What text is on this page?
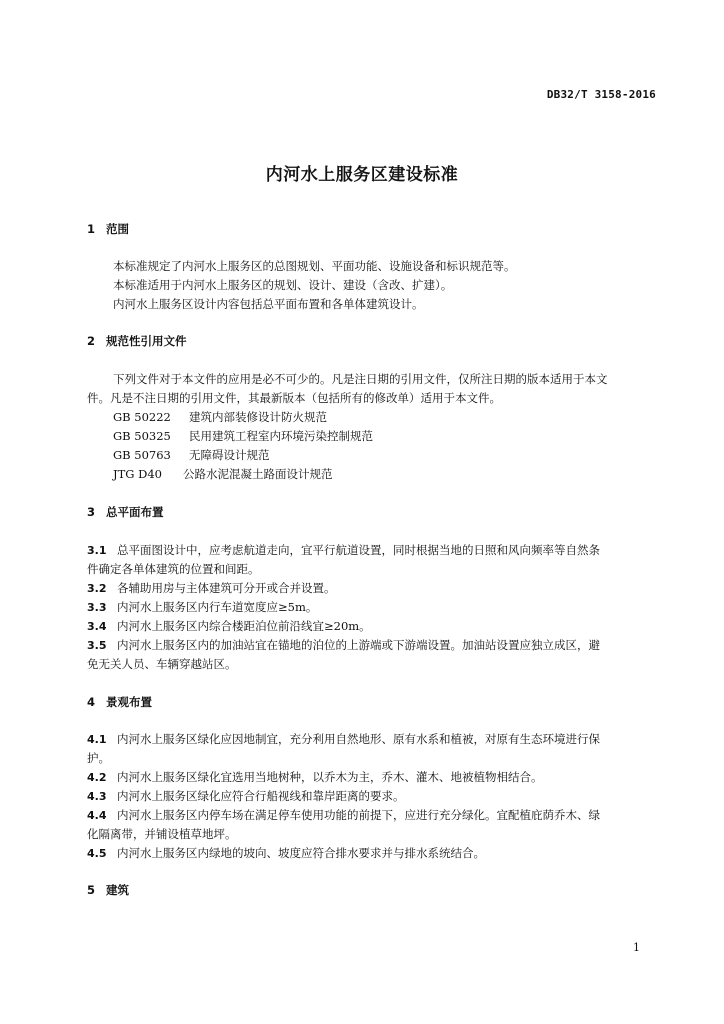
DB32/T 3158-2016
内河水上服务区建设标准
1 范围
本标准规定了内河水上服务区的总图规划、平面功能、设施设备和标识规范等。
本标准适用于内河水上服务区的规划、设计、建设（含改、扩建）。
内河水上服务区设计内容包括总平面布置和各单体建筑设计。
2 规范性引用文件
下列文件对于本文件的应用是必不可少的。凡是注日期的引用文件，仅所注日期的版本适用于本文
件。凡是不注日期的引用文件，其最新版本（包括所有的修改单）适用于本文件。
GB 50222 建筑内部装修设计防火规范
GB 50325 民用建筑工程室内环境污染控制规范
GB 50763 无障碍设计规范
JTG D40 公路水泥混凝土路面设计规范
3 总平面布置
3.1 总平面图设计中，应考虑航道走向，宜平行航道设置，同时根据当地的日照和风向频率等自然条
件确定各单体建筑的位置和间距。
3.2 各辅助用房与主体建筑可分开或合并设置。
3.3 内河水上服务区内行车道宽度应≥5m。
3.4 内河水上服务区内综合楼距泊位前沿线宜≥20m。
3.5 内河水上服务区内的加油站宜在锚地的泊位的上游端或下游端设置。加油站设置应独立成区，避
免无关人员、车辆穿越站区。
4 景观布置
4.1 内河水上服务区绿化应因地制宜，充分利用自然地形、原有水系和植被，对原有生态环境进行保
护。
4.2 内河水上服务区绿化宜选用当地树种，以乔木为主，乔木、灌木、地被植物相结合。
4.3 内河水上服务区绿化应符合行船视线和靠岸距离的要求。
4.4 内河水上服务区内停车场在满足停车使用功能的前提下，应进行充分绿化。宜配植庇荫乔木、绿
化隔离带，并铺设植草地坪。
4.5 内河水上服务区内绿地的坡向、坡度应符合排水要求并与排水系统结合。
5 建筑
1
